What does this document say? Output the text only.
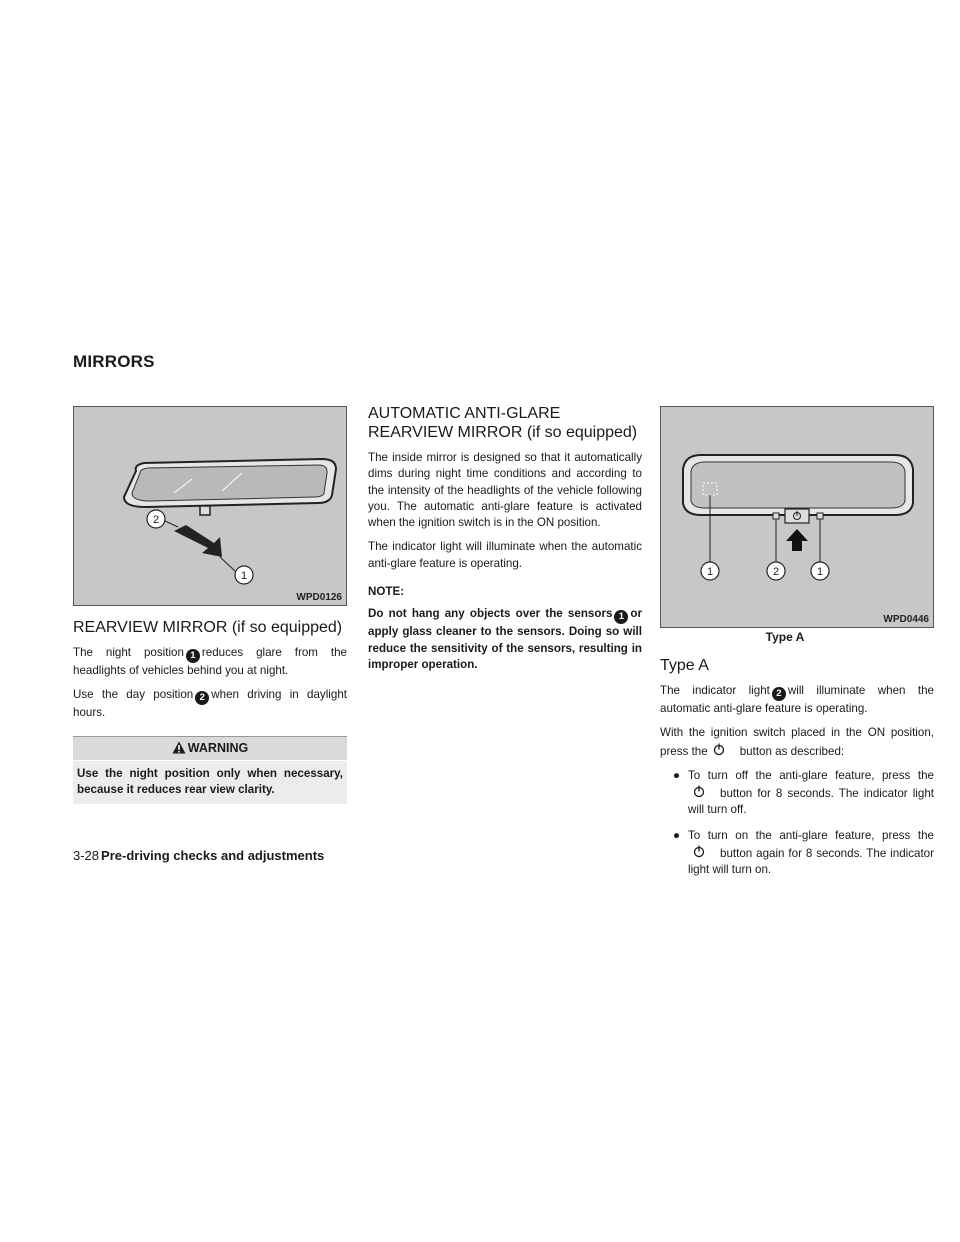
MIRRORS
2
1
WPD0126
REARVIEW MIRROR (if so equipped)

The night position 1 reduces glare from the headlights of vehicles behind you at night.

Use the day position 2 when driving in daylight hours.

WARNING
Use the night position only when necessary, because it reduces rear view clarity.
AUTOMATIC ANTI-GLARE
REARVIEW MIRROR (if so equipped)

The inside mirror is designed so that it automatically dims during night time conditions and according to the intensity of the headlights of the vehicle following you. The automatic anti-glare feature is activated when the ignition switch is in the ON position.

The indicator light will illuminate when the automatic anti-glare feature is operating.

NOTE:

Do not hang any objects over the sensors 1 or apply glass cleaner to the sensors. Doing so will reduce the sensitivity of the sensors, resulting in improper operation.

1	2	1
WPD0446
Type A
Type A

The indicator light 2 will illuminate when the automatic anti-glare feature is operating.

With the ignition switch placed in the ON position, press the	button as described:

● To turn off the anti-glare feature, press thebutton for 8 seconds. The indicator light will turn off.
● To turn on the anti-glare feature, press thebutton again for 8 seconds. The indicator light will turn on.
3-28 Pre-driving checks and adjustments
